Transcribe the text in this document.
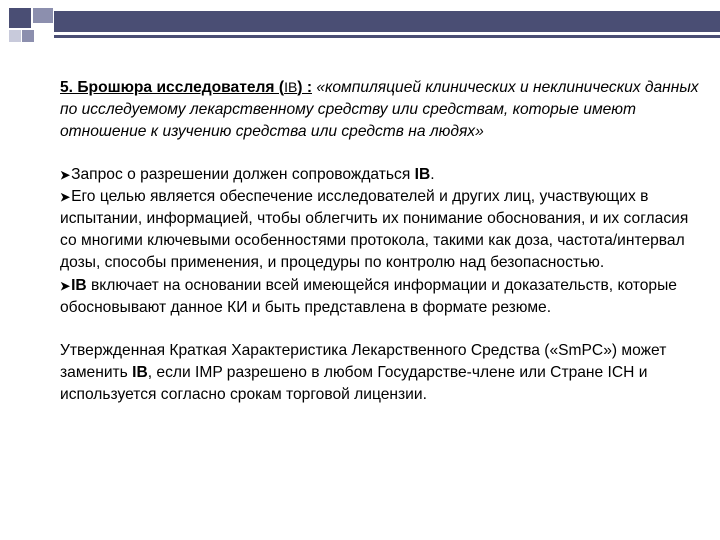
5. Брошюра исследователя (IB) : «компиляцией клинических и неклинических данных по исследуемому лекарственному средству или средствам, которые имеют отношение к изучению средства или средств на людях»

➤Запрос о разрешении должен сопровождаться IB.
➤Его целью является обеспечение исследователей и других лиц, участвующих в испытании, информацией, чтобы облегчить их понимание обоснования, и их согласия со многими ключевыми особенностями протокола, такими как доза, частота/интервал дозы, способы применения, и процедуры по контролю над безопасностью.
➤IB включает на основании всей имеющейся информации и доказательств, которые обосновывают данное КИ и быть представлена в формате резюме.

Утвержденная Краткая Характеристика Лекарственного Средства («SmPC») может заменить IB, если IMP разрешено в любом Государстве-члене или Стране ICH и используется согласно срокам торговой лицензии.
